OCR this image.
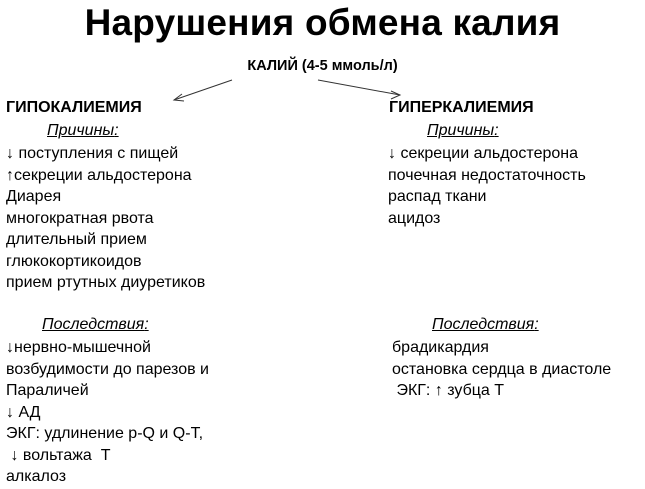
Нарушения обмена калия
КАЛИЙ (4-5 ммоль/л)
ГИПОКАЛИЕМИЯ
Причины:
↓ поступления с пищей
↑секреции альдостерона
Диарея
многократная рвота
длительный прием
глюкокортикоидов
прием ртутных диуретиков
Последствия:
↓нервно-мышечной
возбудимости до парезов и
Параличей
↓ АД
ЭКГ: удлинение p-Q и Q-T,
↓ вольтажа  T
алкалоз
ГИПЕРКАЛИЕМИЯ
Причины:
↓ секреции альдостерона
почечная недостаточность
распад ткани
ацидоз
Последствия:
брадикардия
остановка сердца в диастоле
ЭКГ: ↑ зубца T
